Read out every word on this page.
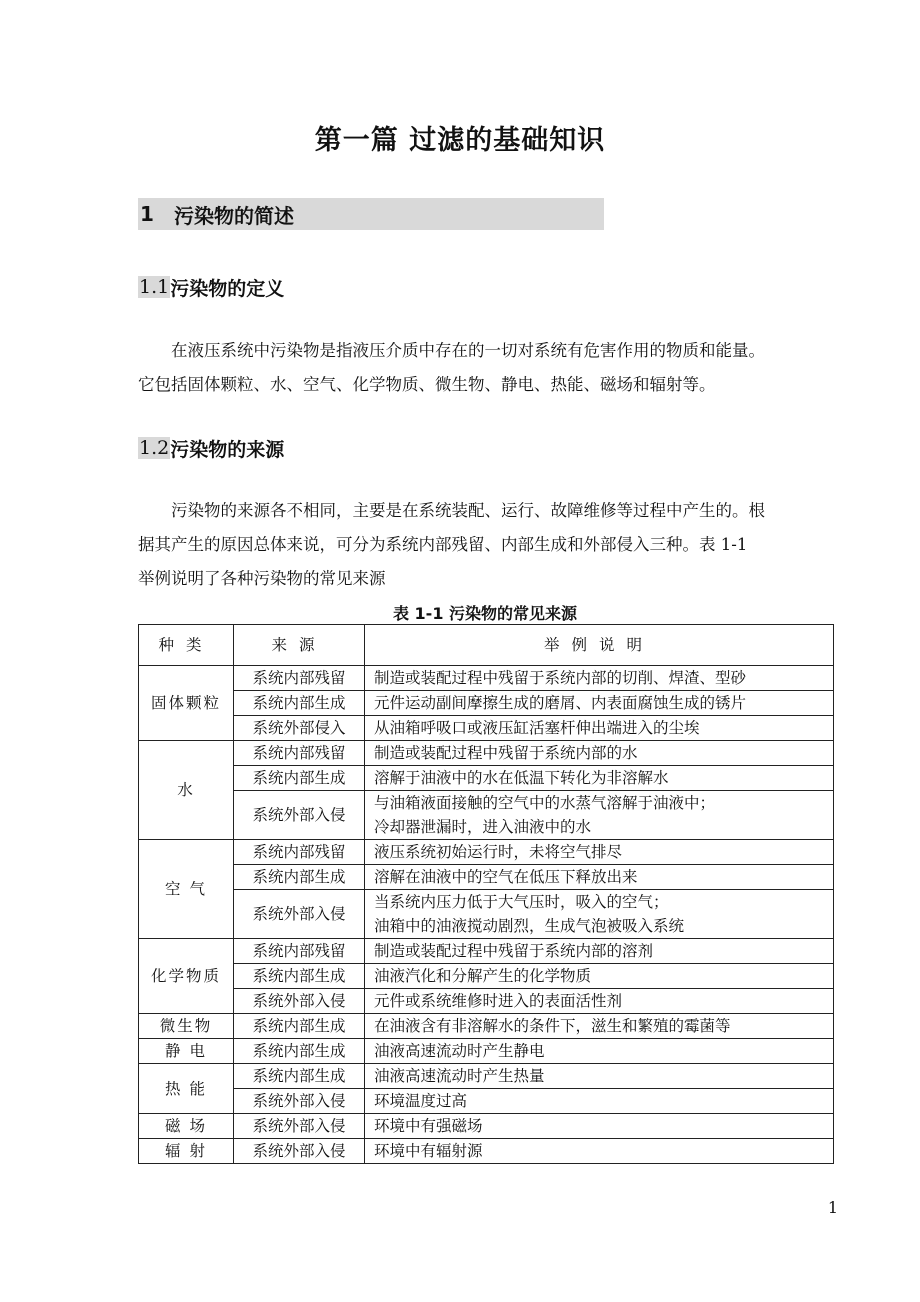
第一篇 过滤的基础知识
1	污染物的简述
1.1 污染物的定义

在液压系统中污染物是指液压介质中存在的一切对系统有危害作用的物质和能量。
它包括固体颗粒、水、空气、化学物质、微生物、静电、热能、磁场和辐射等。

1.2 污染物的来源

污染物的来源各不相同，主要是在系统装配、运行、故障维修等过程中产生的。根
据其产生的原因总体来说，可分为系统内部残留、内部生成和外部侵入三种。表 1-1
举例说明了各种污染物的常见来源

表 1-1 污染物的常见来源
种类	来源	举例说明
固体颗粒	系统内部残留	制造或装配过程中残留于系统内部的切削、焊渣、型砂

	系统内部生成	元件运动副间摩擦生成的磨屑、内表面腐蚀生成的锈片

	系统外部侵入	从油箱呼吸口或液压缸活塞杆伸出端进入的尘埃

水	系统内部残留	制造或装配过程中残留于系统内部的水

	系统内部生成	溶解于油液中的水在低温下转化为非溶解水

	系统外部入侵	与油箱液面接触的空气中的水蒸气溶解于油液中；
冷却器泄漏时，进入油液中的水

空 气	系统内部残留	液压系统初始运行时，未将空气排尽

	系统内部生成	溶解在油液中的空气在低压下释放出来

	系统外部入侵	当系统内压力低于大气压时，吸入的空气；
油箱中的油液搅动剧烈，生成气泡被吸入系统

化学物质	系统内部残留	制造或装配过程中残留于系统内部的溶剂

	系统内部生成	油液汽化和分解产生的化学物质

	系统外部入侵	元件或系统维修时进入的表面活性剂

微生物	系统内部生成	在油液含有非溶解水的条件下，滋生和繁殖的霉菌等

静 电	系统内部生成	油液高速流动时产生静电

热 能	系统内部生成	油液高速流动时产生热量

	系统外部入侵	环境温度过高

磁 场	系统外部入侵	环境中有强磁场

辐 射	系统外部入侵	环境中有辐射源
1
